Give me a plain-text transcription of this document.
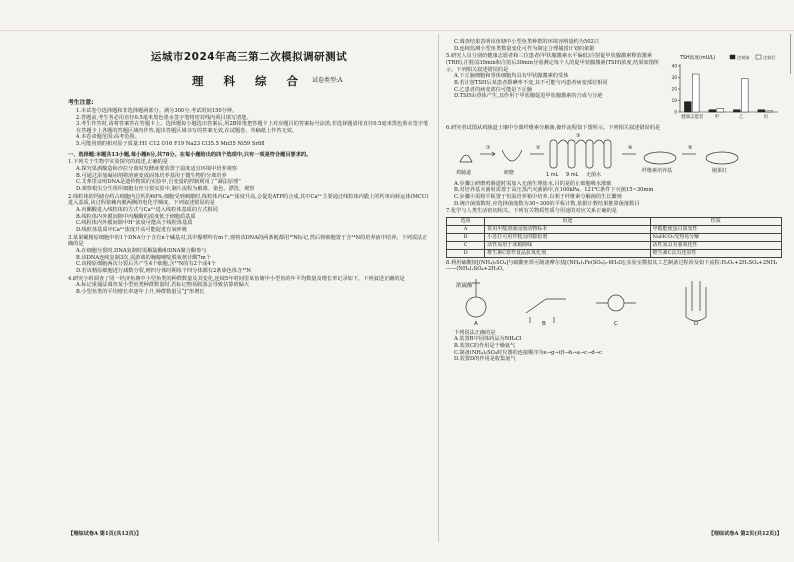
运城市2024年高三第二次模拟调研测试
理 科 综 合 试卷类型:A
考生注意:

1.本试卷分选择题和非选择题两部分。满分300分,考试时间150分钟。

2.答题前,考生务必用直径0.5毫米黑色墨水签字笔将密封线内项目填写清楚。

3.考生作答时,请将答案答在答题卡上。选择题每小题选出答案后,用2B铅笔把答题卡上对应题目的答案标号涂黑;非选择题请用直径0.5毫米黑色墨水签字笔在答题卡上各题的答题区域内作答,超出答题区域书写的答案无效,在试题卷、草稿纸上作答无效。

4.本卷命题范围:高考范围。

5.可能用到的相对原子质量:H1 C12 O16 F19 Na23 Cl35.5 Mn55 Ni59 Sr88

一、选择题:本题共13小题,每小题6分,共78分。在每小题给出的四个选项中,只有一项是符合题目要求的。
1.下列关于生物学实验探究的叙述,正确的是
A.探究果酒酿造和沙拉分离时发酵液要放置于温度适宜环境中培养观察
B.可通过添加凝固剂将溶液变成固体培养基用于微生物的分离培养
C.艾弗里证明DNA是遗传物质的实验中,自变量的控制利用了“减法原理”
D.观察根尖分生组织细胞有丝分裂实验中,制片流程为解离、染色、漂洗、观察
2.线粒体的钙储存约占细胞内总钙的60%,细胞受到刺激时,线粒体内Ca²⁺浓度升高,会促进ATP的合成,其中Ca²⁺主要通过线粒体内膜上的钙单向转运体(MCU)进入基质,该过程依赖内膜两侧的电化学梯度。下列叙述错误的是
A.丙酮酸进入线粒体的方式与Ca²⁺进入线粒体基质的方式相同
B.线粒体内外膜间隙中丙酮酸的浓度低于细胞质基质
C.线粒体内外膜间隙中H⁺浓度可能高于线粒体基质
D.线粒体基质中Ca²⁺浓度升高可能促进有氧呼吸
3.某果蝇精原细胞中的1个DNA分子含有n个碱基对,其中腺嘌呤有m个,现将该DNA的两条链都用¹⁵N标记,然后将细胞置于含¹⁴N的培养液中培养。下列说法正确的是
A.在细胞分裂时,DNA复制时需解旋酶和DNA聚合酶参与
B.该DNA连续复制3次,需游离的胸腺嘧啶脱氧核苷酸7m个
C.该精原细胞两次分裂后共产生4个细胞,含¹⁵N的有2个或4个
D.若该精原细胞进行减数分裂,则四分体时期每个四分体都有2条染色体含¹⁵N
4.研究小组调查了同一经济鱼塘中小型鱼类的种群数量及其变化,连续5年时间里某鱼塘中小型鱼的年平均数量及增长率记录如下。下列叙述正确的是
A.标记重捕法调查某小型鱼类种群数量时,若标记物易脱落会导致估算值偏大
B.小型鱼类的平均增长率逐年上升,种群数量呈“J”形增长
【理综试卷A 第1页(共12页)】
C.调查结果表明该鱼塘中小型鱼类种群的环境容纳量约为502只
D.连续监测小型鱼类数量变化可作为制定合理捕捞计划的依据
5.研究人员分别给健康志愿者和三位患者(甲状腺激素水平偏低)注射促甲状腺激素释放激素(TRH),注射前30min和注射后30min分别测定每个人的促甲状腺激素(TSH)浓度,结果如图所示。下列相关叙述错误的是
A.下丘脑细胞和垂体细胞均具有甲状腺激素的受体
B.若注射TSH后某患者摄碘率不变,其不可能与丙患者病变部位相同
C.乙患者的病变部位可能是下丘脑
D.TSH由垂体产生,其作用于甲状腺促进甲状腺激素的合成与分泌
TSH浓度(mU/L)
0
10
20
30
40
健康志愿者	甲	乙	丙
注射前	注射后
6.研究者试图从鸡肠道土壤中分离纤维素分解菌,操作流程如下图所示。下列相关叙述错误的是
①	②
③
④	⑤
鸡肠道	研磨	1 mL 9 mL 无菌水
纤维素培养基	刚果红
A.步骤①研磨鸡肠道时需加入无菌生理盐水,目的是防止细胞吸水涨破
B.对培养基灭菌时需置于高压蒸汽灭菌锅中,在100kPa、121℃条件下灭菌15~30min
C.步骤④需将平板置于恒温培养箱中培养,以利于纤维素分解菌的生长繁殖
D.统计菌落数时,应选择菌落数为30~300的平板计数,依据计数结果推算菌落数目
7.化学与人类生活密切相关。下列有关物质性质与用途的对应关系正确的是
选项	用途	性质
A	常用甲醛溶液浸泡动物标本	甲醛能使蛋白质变性
B	小苏打可用作糕点的膨松剂	NaHCO₃受热易分解
C	活性炭用于冰箱除味	活性炭具有强氧化性
D	维生素C常作食品抗氧化剂	维生素C具有还原性
8.利用硫酸铵[(NH₄)₂SO₄]与硫酸亚铁可制备摩尔盐[(NH₄)₂Fe(SO₄)₂·6H₂O],实验室模拟其工艺制备过程涉及如下流程:H₂O₂+2H₂SO₄+2NH₃——(NH₄)₂SO₄+2H₂O。
浓硫酸
A	B	C	D
下列说法正确的是
A.装置B中固体药品为NH₄Cl
B.装置C的作用是干燥氨气
C.制备(NH₄)₂SO₄时仪器的连接顺序为e→g→(f)→h→a→c→d→c
D.装置D的作用是收集氨气
【理综试卷A 第2页(共12页)】
